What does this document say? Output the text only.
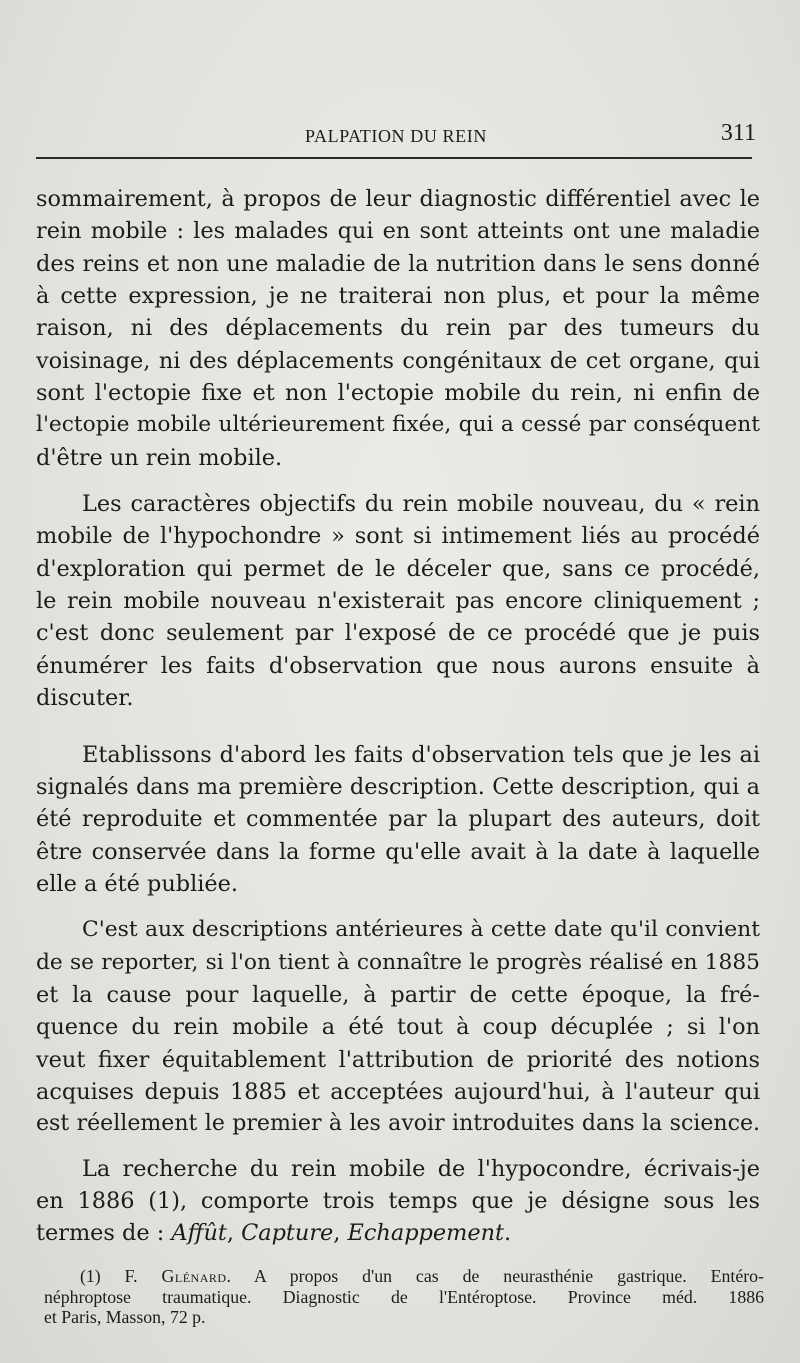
PALPATION DU REIN	311
sommairement, à propos de leur diagnostic différentiel avec le
rein mobile : les malades qui en sont atteints ont une maladie
des reins et non une maladie de la nutrition dans le sens donné
à cette expression, je ne traiterai non plus, et pour la même
raison, ni des déplacements du rein par des tumeurs du
voisinage, ni des déplacements congénitaux de cet organe, qui
sont l'ectopie fixe et non l'ectopie mobile du rein, ni enfin de
l'ectopie mobile ultérieurement fixée, qui a cessé par conséquent
d'être un rein mobile.
Les caractères objectifs du rein mobile nouveau, du « rein
mobile de l'hypochondre » sont si intimement liés au procédé
d'exploration qui permet de le déceler que, sans ce procédé,
le rein mobile nouveau n'existerait pas encore cliniquement ;
c'est donc seulement par l'exposé de ce procédé que je puis
énumérer les faits d'observation que nous aurons ensuite à
discuter.
Etablissons d'abord les faits d'observation tels que je les ai
signalés dans ma première description. Cette description, qui a
été reproduite et commentée par la plupart des auteurs, doit
être conservée dans la forme qu'elle avait à la date à laquelle
elle a été publiée.
C'est aux descriptions antérieures à cette date qu'il convient
de se reporter, si l'on tient à connaître le progrès réalisé en 1885
et la cause pour laquelle, à partir de cette époque, la fré-
quence du rein mobile a été tout à coup décuplée ; si l'on
veut fixer équitablement l'attribution de priorité des notions
acquises depuis 1885 et acceptées aujourd'hui, à l'auteur qui
est réellement le premier à les avoir introduites dans la science.
La recherche du rein mobile de l'hypocondre, écrivais-je
en 1886 (1), comporte trois temps que je désigne sous les
termes de : Affût, Capture, Echappement.
(1) F. Glénard. A propos d'un cas de neurasthénie gastrique. Entéro-
néphroptose traumatique. Diagnostic de l'Entéroptose. Province méd. 1886
et Paris, Masson, 72 p.
